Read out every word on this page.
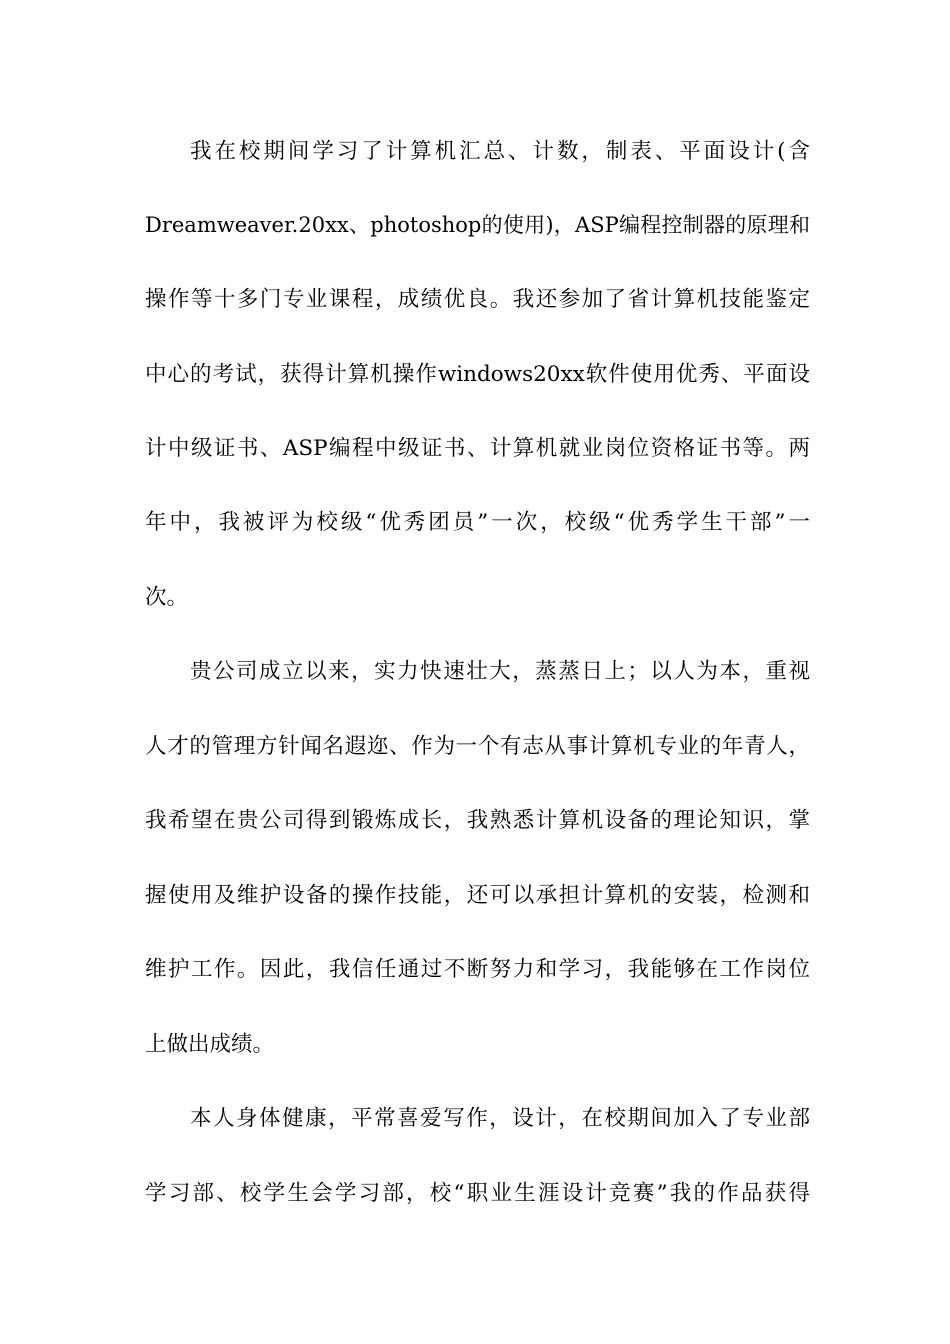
我在校期间学习了计算机汇总、计数，制表、平面设计(含
Dreamweaver.20xx、photoshop的使用)，ASP编程控制器的原理和
操作等十多门专业课程，成绩优良。我还参加了省计算机技能鉴定
中心的考试，获得计算机操作windows20xx软件使用优秀、平面设
计中级证书、ASP编程中级证书、计算机就业岗位资格证书等。两
年中，我被评为校级“优秀团员”一次，校级“优秀学生干部”一
次。
贵公司成立以来，实力快速壮大，蒸蒸日上；以人为本，重视
人才的管理方针闻名遐迩、作为一个有志从事计算机专业的年青人，
我希望在贵公司得到锻炼成长，我熟悉计算机设备的理论知识，掌
握使用及维护设备的操作技能，还可以承担计算机的安装，检测和
维护工作。因此，我信任通过不断努力和学习，我能够在工作岗位
上做出成绩。
本人身体健康，平常喜爱写作，设计，在校期间加入了专业部
学习部、校学生会学习部，校“职业生涯设计竞赛”我的作品获得
